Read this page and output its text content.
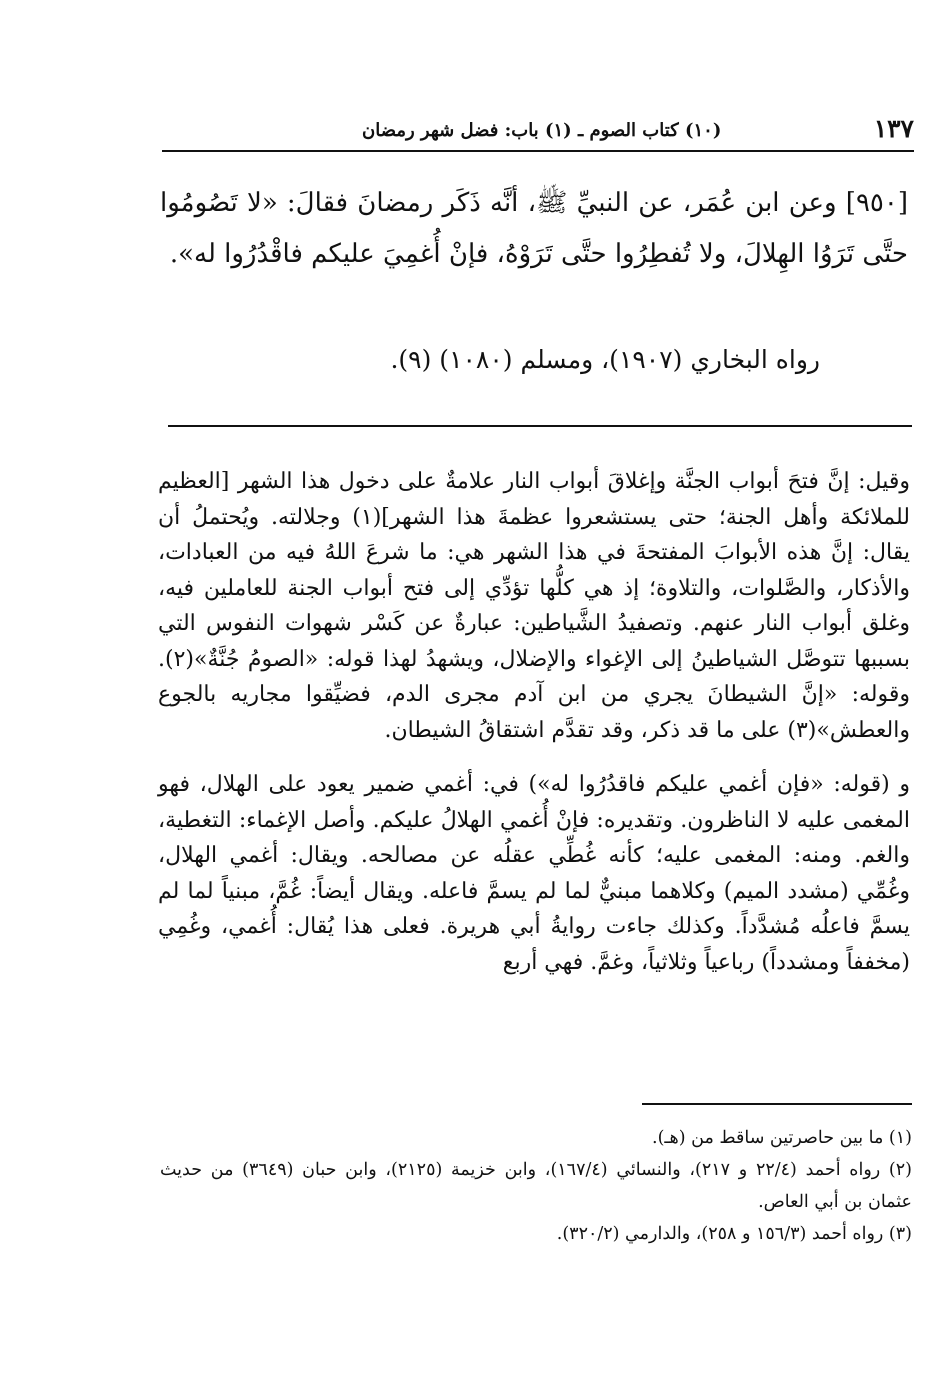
١٣٧
(١٠) كتاب الصوم ـ (١) باب: فضل شهر رمضان

[٩٥٠] وعن ابن عُمَر، عن النبيِّ ﷺ، أنَّه ذَكَر رمضانَ فقالَ: «لا تَصُومُوا حتَّى تَرَوُا الهِلالَ، ولا تُفطِرُوا حتَّى تَرَوْهُ، فإنْ أُغمِيَ عليكم فاقْدُرُوا له».

رواه البخاري (١٩٠٧)، ومسلم (١٠٨٠) (٩).

وقيل: إنَّ فتحَ أبواب الجنَّة وإغلاقَ أبواب النار علامةٌ على دخول هذا الشهر [العظيم للملائكة وأهل الجنة؛ حتى يستشعروا عظمةَ هذا الشهر](١) وجلالته. ويُحتملُ أن يقال: إنَّ هذه الأبوابَ المفتحةَ في هذا الشهر هي: ما شرعَ اللهُ فيه من العبادات، والأذكار، والصَّلوات، والتلاوة؛ إذ هي كلُّها تؤدِّي إلى فتح أبواب الجنة للعاملين فيه، وغلق أبواب النار عنهم. وتصفيدُ الشَّياطين: عبارةٌ عن كَسْر شهوات النفوس التي بسببها تتوصَّل الشياطينُ إلى الإغواء والإضلال، ويشهدُ لهذا قوله: «الصومُ جُنَّةٌ»(٢). وقوله: «إنَّ الشيطانَ يجري من ابن آدم مجرى الدم، فضيِّقوا مجاريه بالجوع والعطش»(٣) على ما قد ذكر، وقد تقدَّم اشتقاقُ الشيطان.

و (قوله: «فإن أغمي عليكم فاقدُرُوا له») في: أغمي ضمير يعود على الهلال، فهو المغمى عليه لا الناظرون. وتقديره: فإنْ أُغمي الهلالُ عليكم. وأصل الإغماء: التغطية، والغم. ومنه: المغمى عليه؛ كأنه غُطِّي عقلُه عن مصالحه. ويقال: أغمي الهلال، وغُمِّي (مشدد الميم) وكلاهما مبنيٌّ لما لم يسمَّ فاعله. ويقال أيضاً: غُمَّ، مبنياً لما لم يسمَّ فاعلُه مُشدَّداً. وكذلك جاءت روايةُ أبي هريرة. فعلى هذا يُقال: أُغمي، وغُمِي (مخففاً ومشدداً) رباعياً وثلاثياً، وغمَّ. فهي أربع

(١) ما بين حاصرتين ساقط من (هـ).

(٢) رواه أحمد (٢٢/٤ و ٢١٧)، والنسائي (١٦٧/٤)، وابن خزيمة (٢١٢٥)، وابن حبان (٣٦٤٩) من حديث عثمان بن أبي العاص.

(٣) رواه أحمد (١٥٦/٣ و ٢٥٨)، والدارمي (٣٢٠/٢).
